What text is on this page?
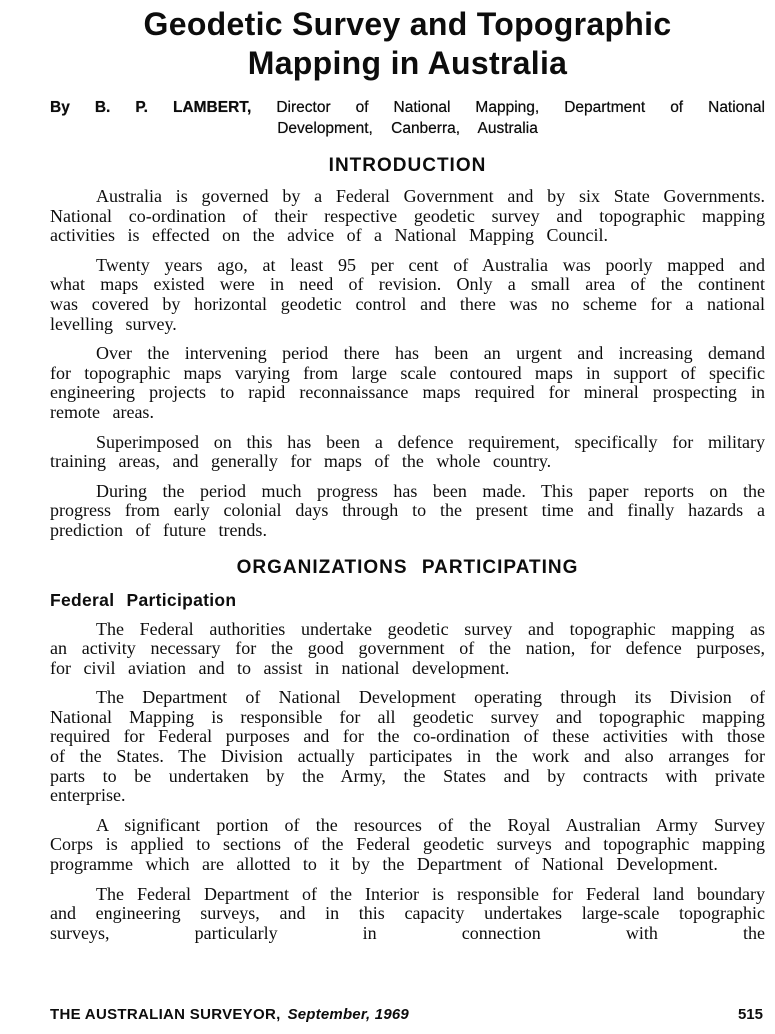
Geodetic Survey and Topographic Mapping in Australia

By B. P. LAMBERT, Director of National Mapping, Department of National Development, Canberra, Australia

INTRODUCTION

Australia is governed by a Federal Government and by six State Governments. National co-ordination of their respective geodetic survey and topographic mapping activities is effected on the advice of a National Mapping Council.

Twenty years ago, at least 95 per cent of Australia was poorly mapped and what maps existed were in need of revision. Only a small area of the continent was covered by horizontal geodetic control and there was no scheme for a national levelling survey.

Over the intervening period there has been an urgent and increasing demand for topographic maps varying from large scale contoured maps in support of specific engineering projects to rapid reconnaissance maps required for mineral prospecting in remote areas.

Superimposed on this has been a defence requirement, specifically for military training areas, and generally for maps of the whole country.

During the period much progress has been made. This paper reports on the progress from early colonial days through to the present time and finally hazards a prediction of future trends.

ORGANIZATIONS PARTICIPATING
Federal Participation

The Federal authorities undertake geodetic survey and topographic mapping as an activity necessary for the good government of the nation, for defence purposes, for civil aviation and to assist in national development.

The Department of National Development operating through its Division of National Mapping is responsible for all geodetic survey and topographic mapping required for Federal purposes and for the co-ordination of these activities with those of the States. The Division actually participates in the work and also arranges for parts to be undertaken by the Army, the States and by contracts with private enterprise.

A significant portion of the resources of the Royal Australian Army Survey Corps is applied to sections of the Federal geodetic surveys and topographic mapping programme which are allotted to it by the Department of National Development.

The Federal Department of the Interior is responsible for Federal land boundary and engineering surveys, and in this capacity undertakes large-scale topographic surveys, particularly in connection with the

THE AUSTRALIAN SURVEYOR, September, 1969	515
